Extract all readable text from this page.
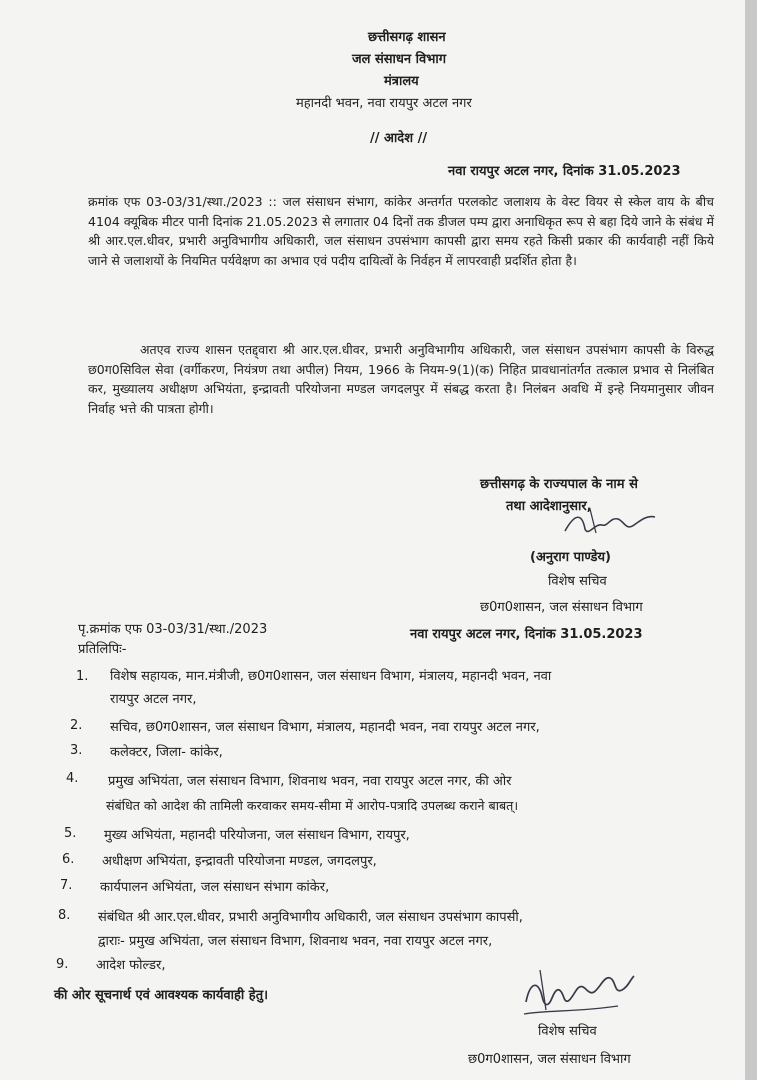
छत्तीसगढ़ शासन
जल संसाधन विभाग
मंत्रालय
महानदी भवन, नवा रायपुर अटल नगर
// आदेश //
नवा रायपुर अटल नगर, दिनांक 31.05.2023
क्रमांक एफ 03-03/31/स्था./2023 :: जल संसाधन संभाग, कांकेर अन्तर्गत परलकोट जलाशय के वेस्ट वियर से स्केल वाय के बीच 4104 क्यूबिक मीटर पानी दिनांक 21.05.2023 से लगातार 04 दिनों तक डीजल पम्प द्वारा अनाधिकृत रूप से बहा दिये जाने के संबंध में श्री आर.एल.धीवर, प्रभारी अनुविभागीय अधिकारी, जल संसाधन उपसंभाग कापसी द्वारा समय रहते किसी प्रकार की कार्यवाही नहीं किये जाने से जलाशयों के नियमित पर्यवेक्षण का अभाव एवं पदीय दायित्वों के निर्वहन में लापरवाही प्रदर्शित होता है।
अतएव राज्य शासन एतद्द्वारा श्री आर.एल.धीवर, प्रभारी अनुविभागीय अधिकारी, जल संसाधन उपसंभाग कापसी के विरुद्ध छ0ग0सिविल सेवा (वर्गीकरण, नियंत्रण तथा अपील) नियम, 1966 के नियम-9(1)(क) निहित प्रावधानांतर्गत तत्काल प्रभाव से निलंबित कर, मुख्यालय अधीक्षण अभियंता, इन्द्रावती परियोजना मण्डल जगदलपुर में संबद्ध करता है। निलंबन अवधि में इन्हे नियमानुसार जीवन निर्वाह भत्ते की पात्रता होगी।
छत्तीसगढ़ के राज्यपाल के नाम से
तथा आदेशानुसार,
(अनुराग पाण्डेय)
विशेष सचिव
छ0ग0शासन, जल संसाधन विभाग
पृ.क्रमांक एफ 03-03/31/स्था./2023	नवा रायपुर अटल नगर, दिनांक 31.05.2023
प्रतिलिपिः-
1. विशेष सहायक, मान.मंत्रीजी, छ0ग0शासन, जल संसाधन विभाग, मंत्रालय, महानदी भवन, नवा
रायपुर अटल नगर,
2. सचिव, छ0ग0शासन, जल संसाधन विभाग, मंत्रालय, महानदी भवन, नवा रायपुर अटल नगर,
3. कलेक्टर, जिला- कांकेर,
4. प्रमुख अभियंता, जल संसाधन विभाग, शिवनाथ भवन, नवा रायपुर अटल नगर, की ओर
संबंधित को आदेश की तामिली करवाकर समय-सीमा में आरोप-पत्रादि उपलब्ध कराने बाबत्।
5. मुख्य अभियंता, महानदी परियोजना, जल संसाधन विभाग, रायपुर,
6. अधीक्षण अभियंता, इन्द्रावती परियोजना मण्डल, जगदलपुर,
7. कार्यपालन अभियंता, जल संसाधन संभाग कांकेर,
8. संबंधित श्री आर.एल.धीवर, प्रभारी अनुविभागीय अधिकारी, जल संसाधन उपसंभाग कापसी,
द्वाराः- प्रमुख अभियंता, जल संसाधन विभाग, शिवनाथ भवन, नवा रायपुर अटल नगर,
9. आदेश फोल्डर,
की ओर सूचनार्थ एवं आवश्यक कार्यवाही हेतु।
विशेष सचिव
छ0ग0शासन, जल संसाधन विभाग
